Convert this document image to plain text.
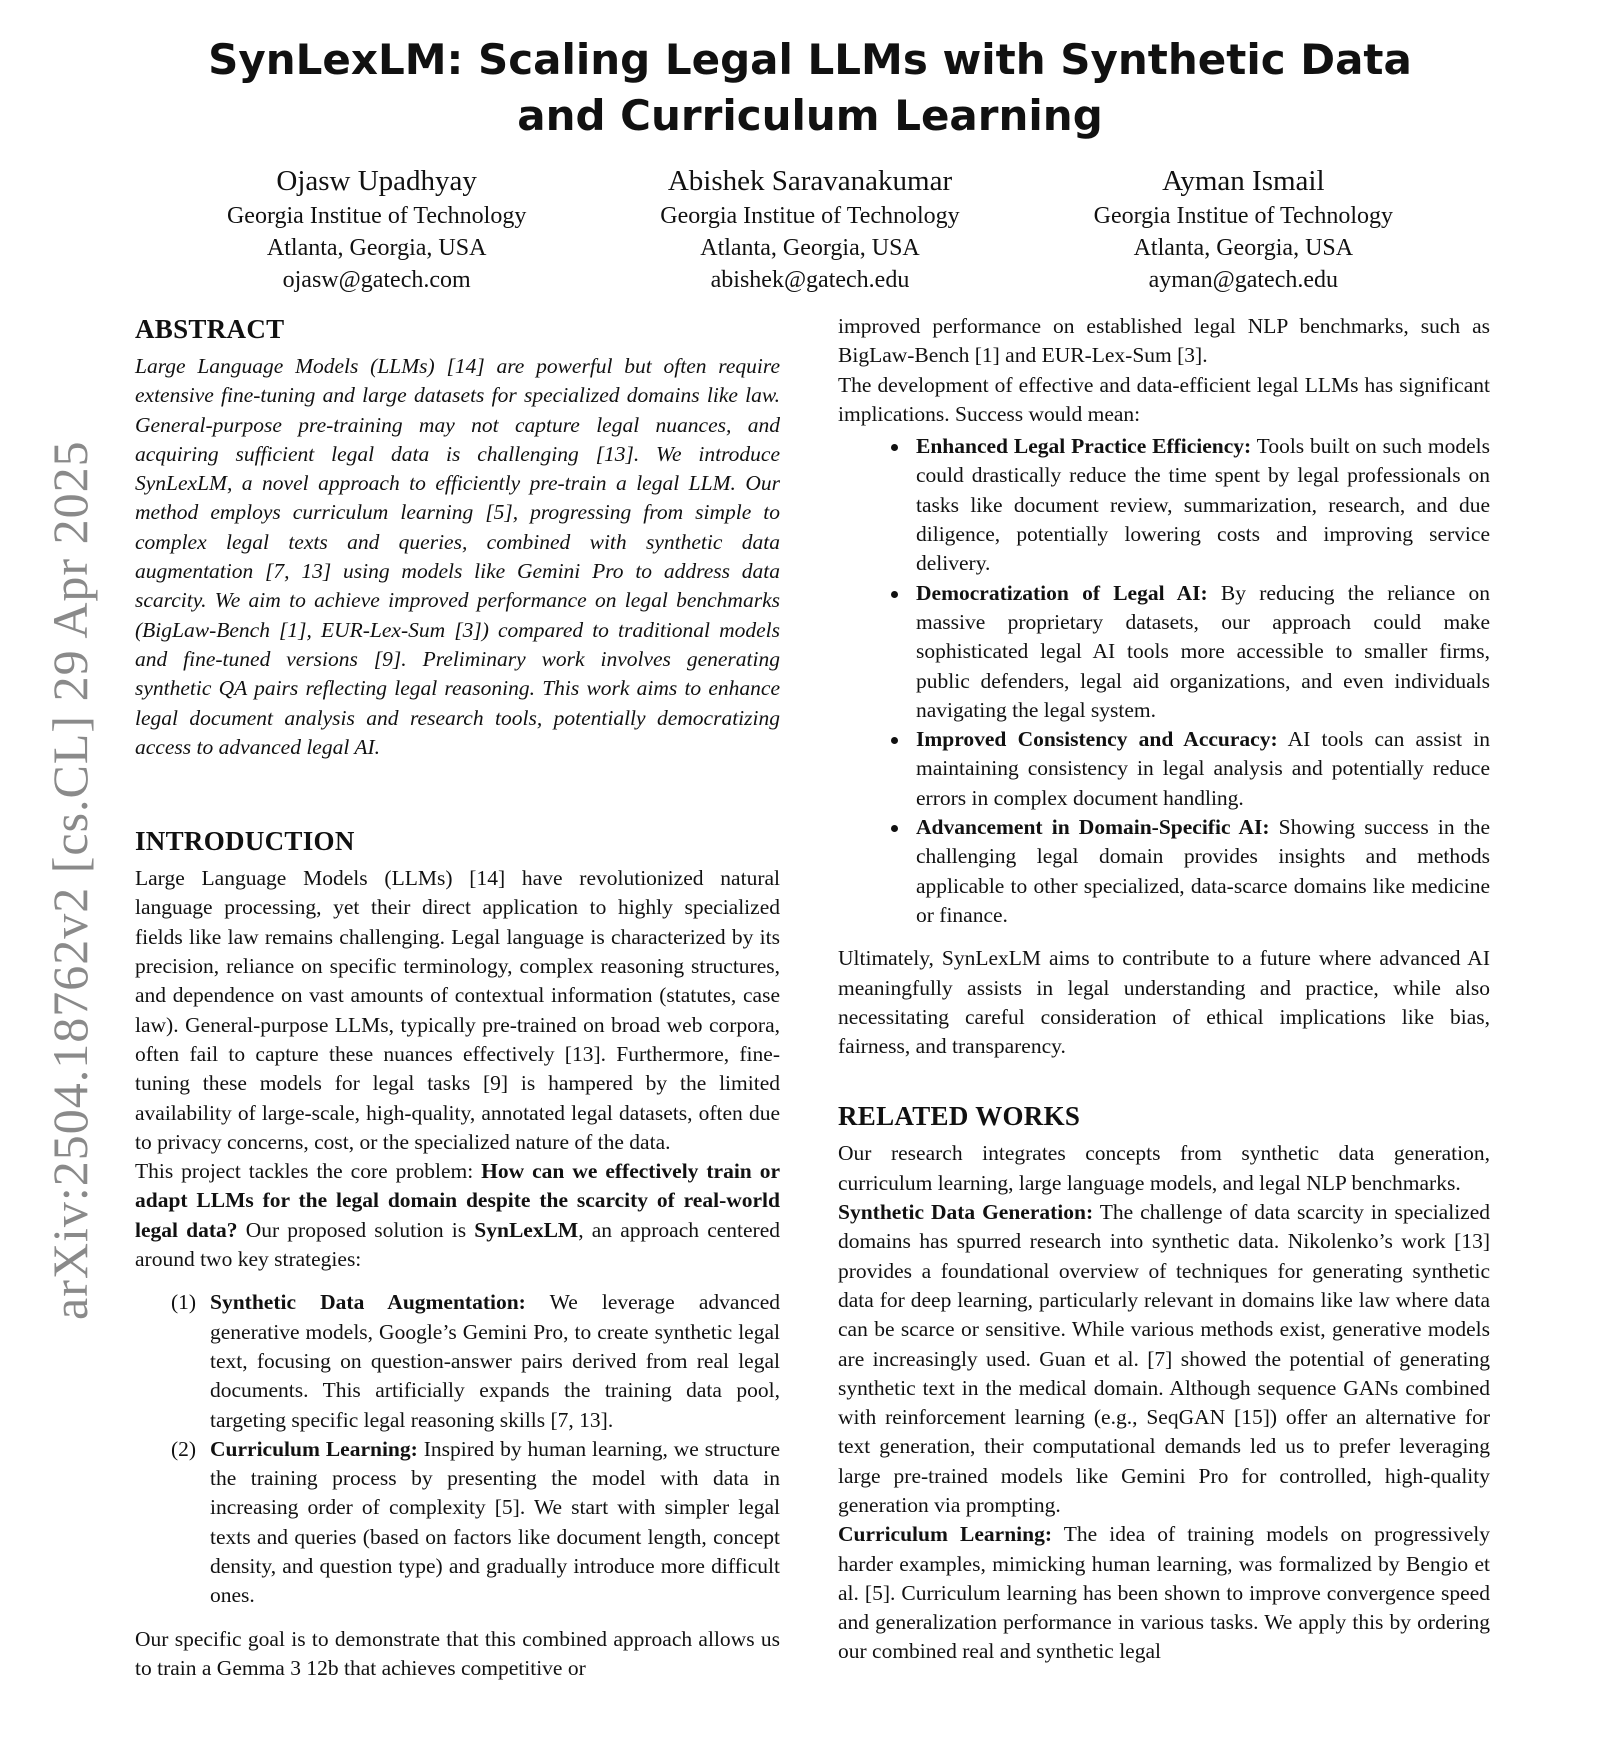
arXiv:2504.18762v2 [cs.CL] 29 Apr 2025
SynLexLM: Scaling Legal LLMs with Synthetic Data and Curriculum Learning
Ojasw Upadhyay
Georgia Institue of Technology
Atlanta, Georgia, USA
ojasw@gatech.com
Abishek Saravanakumar
Georgia Institue of Technology
Atlanta, Georgia, USA
abishek@gatech.edu
Ayman Ismail
Georgia Institue of Technology
Atlanta, Georgia, USA
ayman@gatech.edu
ABSTRACT

Large Language Models (LLMs) [14] are powerful but often require extensive fine-tuning and large datasets for specialized domains like law. General-purpose pre-training may not capture legal nuances, and acquiring sufficient legal data is challenging [13]. We introduce SynLexLM, a novel approach to efficiently pre-train a legal LLM. Our method employs curriculum learning [5], progressing from simple to complex legal texts and queries, combined with synthetic data augmentation [7, 13] using models like Gemini Pro to address data scarcity. We aim to achieve improved performance on legal benchmarks (BigLaw-Bench [1], EUR-Lex-Sum [3]) compared to traditional models and fine-tuned versions [9]. Preliminary work involves generating synthetic QA pairs reflecting legal reasoning. This work aims to enhance legal document analysis and research tools, potentially democratizing access to advanced legal AI.

INTRODUCTION

Large Language Models (LLMs) [14] have revolutionized natural language processing, yet their direct application to highly specialized fields like law remains challenging. Legal language is characterized by its precision, reliance on specific terminology, complex reasoning structures, and dependence on vast amounts of contextual information (statutes, case law). General-purpose LLMs, typically pre-trained on broad web corpora, often fail to capture these nuances effectively [13]. Furthermore, fine-tuning these models for legal tasks [9] is hampered by the limited availability of large-scale, high-quality, annotated legal datasets, often due to privacy concerns, cost, or the specialized nature of the data.

This project tackles the core problem: How can we effectively train or adapt LLMs for the legal domain despite the scarcity of real-world legal data? Our proposed solution is SynLexLM, an approach centered around two key strategies:

(1) Synthetic Data Augmentation: We leverage advanced generative models, Google’s Gemini Pro, to create synthetic legal text, focusing on question-answer pairs derived from real legal documents. This artificially expands the training data pool, targeting specific legal reasoning skills [7, 13].
(2) Curriculum Learning: Inspired by human learning, we structure the training process by presenting the model with data in increasing order of complexity [5]. We start with simpler legal texts and queries (based on factors like document length, concept density, and question type) and gradually introduce more difficult ones.

Our specific goal is to demonstrate that this combined approach allows us to train a Gemma 3 12b that achieves competitive or

improved performance on established legal NLP benchmarks, such as BigLaw-Bench [1] and EUR-Lex-Sum [3].

The development of effective and data-efficient legal LLMs has significant implications. Success would mean:

Enhanced Legal Practice Efficiency: Tools built on such models could drastically reduce the time spent by legal professionals on tasks like document review, summarization, research, and due diligence, potentially lowering costs and improving service delivery.
Democratization of Legal AI: By reducing the reliance on massive proprietary datasets, our approach could make sophisticated legal AI tools more accessible to smaller firms, public defenders, legal aid organizations, and even individuals navigating the legal system.
Improved Consistency and Accuracy: AI tools can assist in maintaining consistency in legal analysis and potentially reduce errors in complex document handling.
Advancement in Domain-Specific AI: Showing success in the challenging legal domain provides insights and methods applicable to other specialized, data-scarce domains like medicine or finance.

Ultimately, SynLexLM aims to contribute to a future where advanced AI meaningfully assists in legal understanding and practice, while also necessitating careful consideration of ethical implications like bias, fairness, and transparency.

RELATED WORKS

Our research integrates concepts from synthetic data generation, curriculum learning, large language models, and legal NLP benchmarks.

Synthetic Data Generation: The challenge of data scarcity in specialized domains has spurred research into synthetic data. Nikolenko’s work [13] provides a foundational overview of techniques for generating synthetic data for deep learning, particularly relevant in domains like law where data can be scarce or sensitive. While various methods exist, generative models are increasingly used. Guan et al. [7] showed the potential of generating synthetic text in the medical domain. Although sequence GANs combined with reinforcement learning (e.g., SeqGAN [15]) offer an alternative for text generation, their computational demands led us to prefer leveraging large pre-trained models like Gemini Pro for controlled, high-quality generation via prompting.

Curriculum Learning: The idea of training models on progressively harder examples, mimicking human learning, was formalized by Bengio et al. [5]. Curriculum learning has been shown to improve convergence speed and generalization performance in various tasks. We apply this by ordering our combined real and synthetic legal
